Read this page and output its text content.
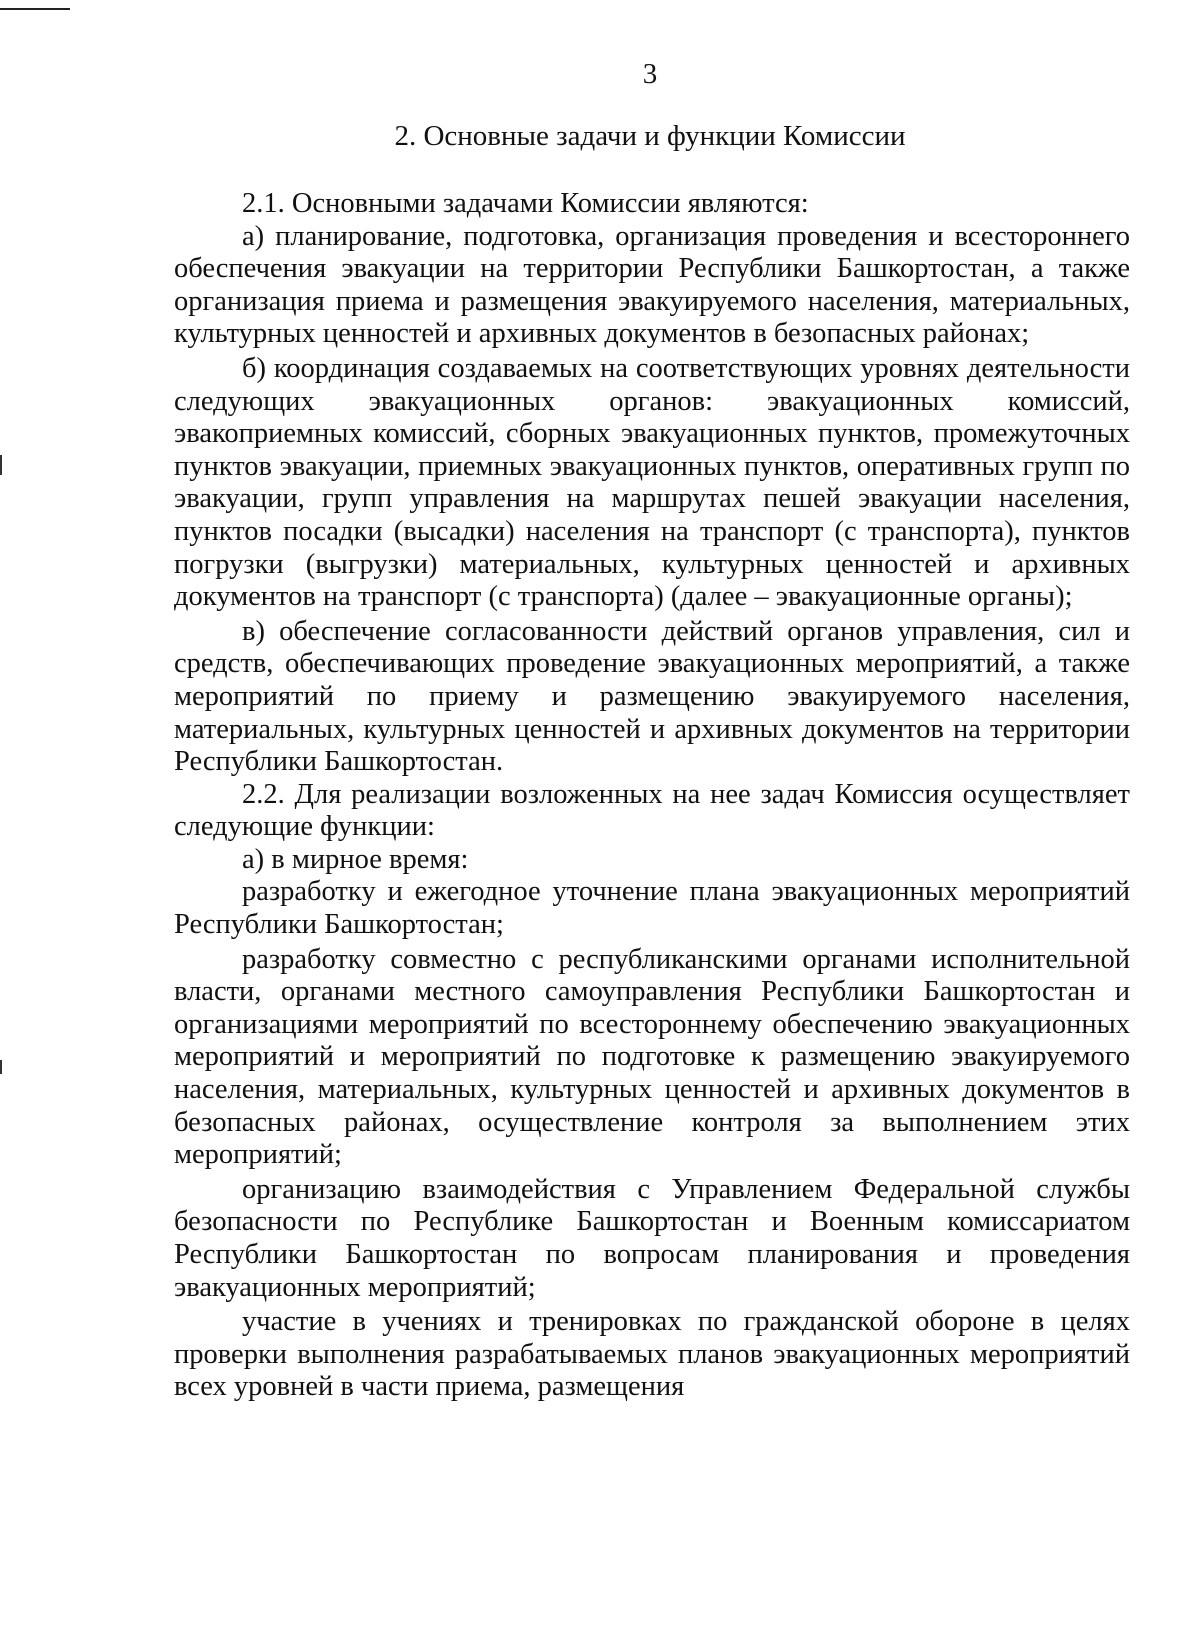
3
2. Основные задачи и функции Комиссии

2.1. Основными задачами Комиссии являются:

а) планирование, подготовка, организация проведения и всестороннего обеспечения эвакуации на территории Республики Башкортостан, а также организация приема и размещения эвакуируемого населения, материальных, культурных ценностей и архивных документов в безопасных районах;

б) координация создаваемых на соответствующих уровнях деятельности следующих эвакуационных органов: эвакуационных комиссий, эвакоприемных комиссий, сборных эвакуационных пунктов, промежуточных пунктов эвакуации, приемных эвакуационных пунктов, оперативных групп по эвакуации, групп управления на маршрутах пешей эвакуации населения, пунктов посадки (высадки) населения на транспорт (с транспорта), пунктов погрузки (выгрузки) материальных, культурных ценностей и архивных документов на транспорт (с транспорта) (далее – эвакуационные органы);

в) обеспечение согласованности действий органов управления, сил и средств, обеспечивающих проведение эвакуационных мероприятий, а также мероприятий по приему и размещению эвакуируемого населения, материальных, культурных ценностей и архивных документов на территории Республики Башкортостан.

2.2. Для реализации возложенных на нее задач Комиссия осуществляет следующие функции:

а) в мирное время:

разработку и ежегодное уточнение плана эвакуационных мероприятий Республики Башкортостан;

разработку совместно с республиканскими органами исполнительной власти, органами местного самоуправления Республики Башкортостан и организациями мероприятий по всестороннему обеспечению эвакуационных мероприятий и мероприятий по подготовке к размещению эвакуируемого населения, материальных, культурных ценностей и архивных документов в безопасных районах, осуществление контроля за выполнением этих мероприятий;

организацию взаимодействия с Управлением Федеральной службы безопасности по Республике Башкортостан и Военным комиссариатом Республики Башкортостан по вопросам планирования и проведения эвакуационных мероприятий;

участие в учениях и тренировках по гражданской обороне в целях проверки выполнения разрабатываемых планов эвакуационных мероприятий всех уровней в части приема, размещения
